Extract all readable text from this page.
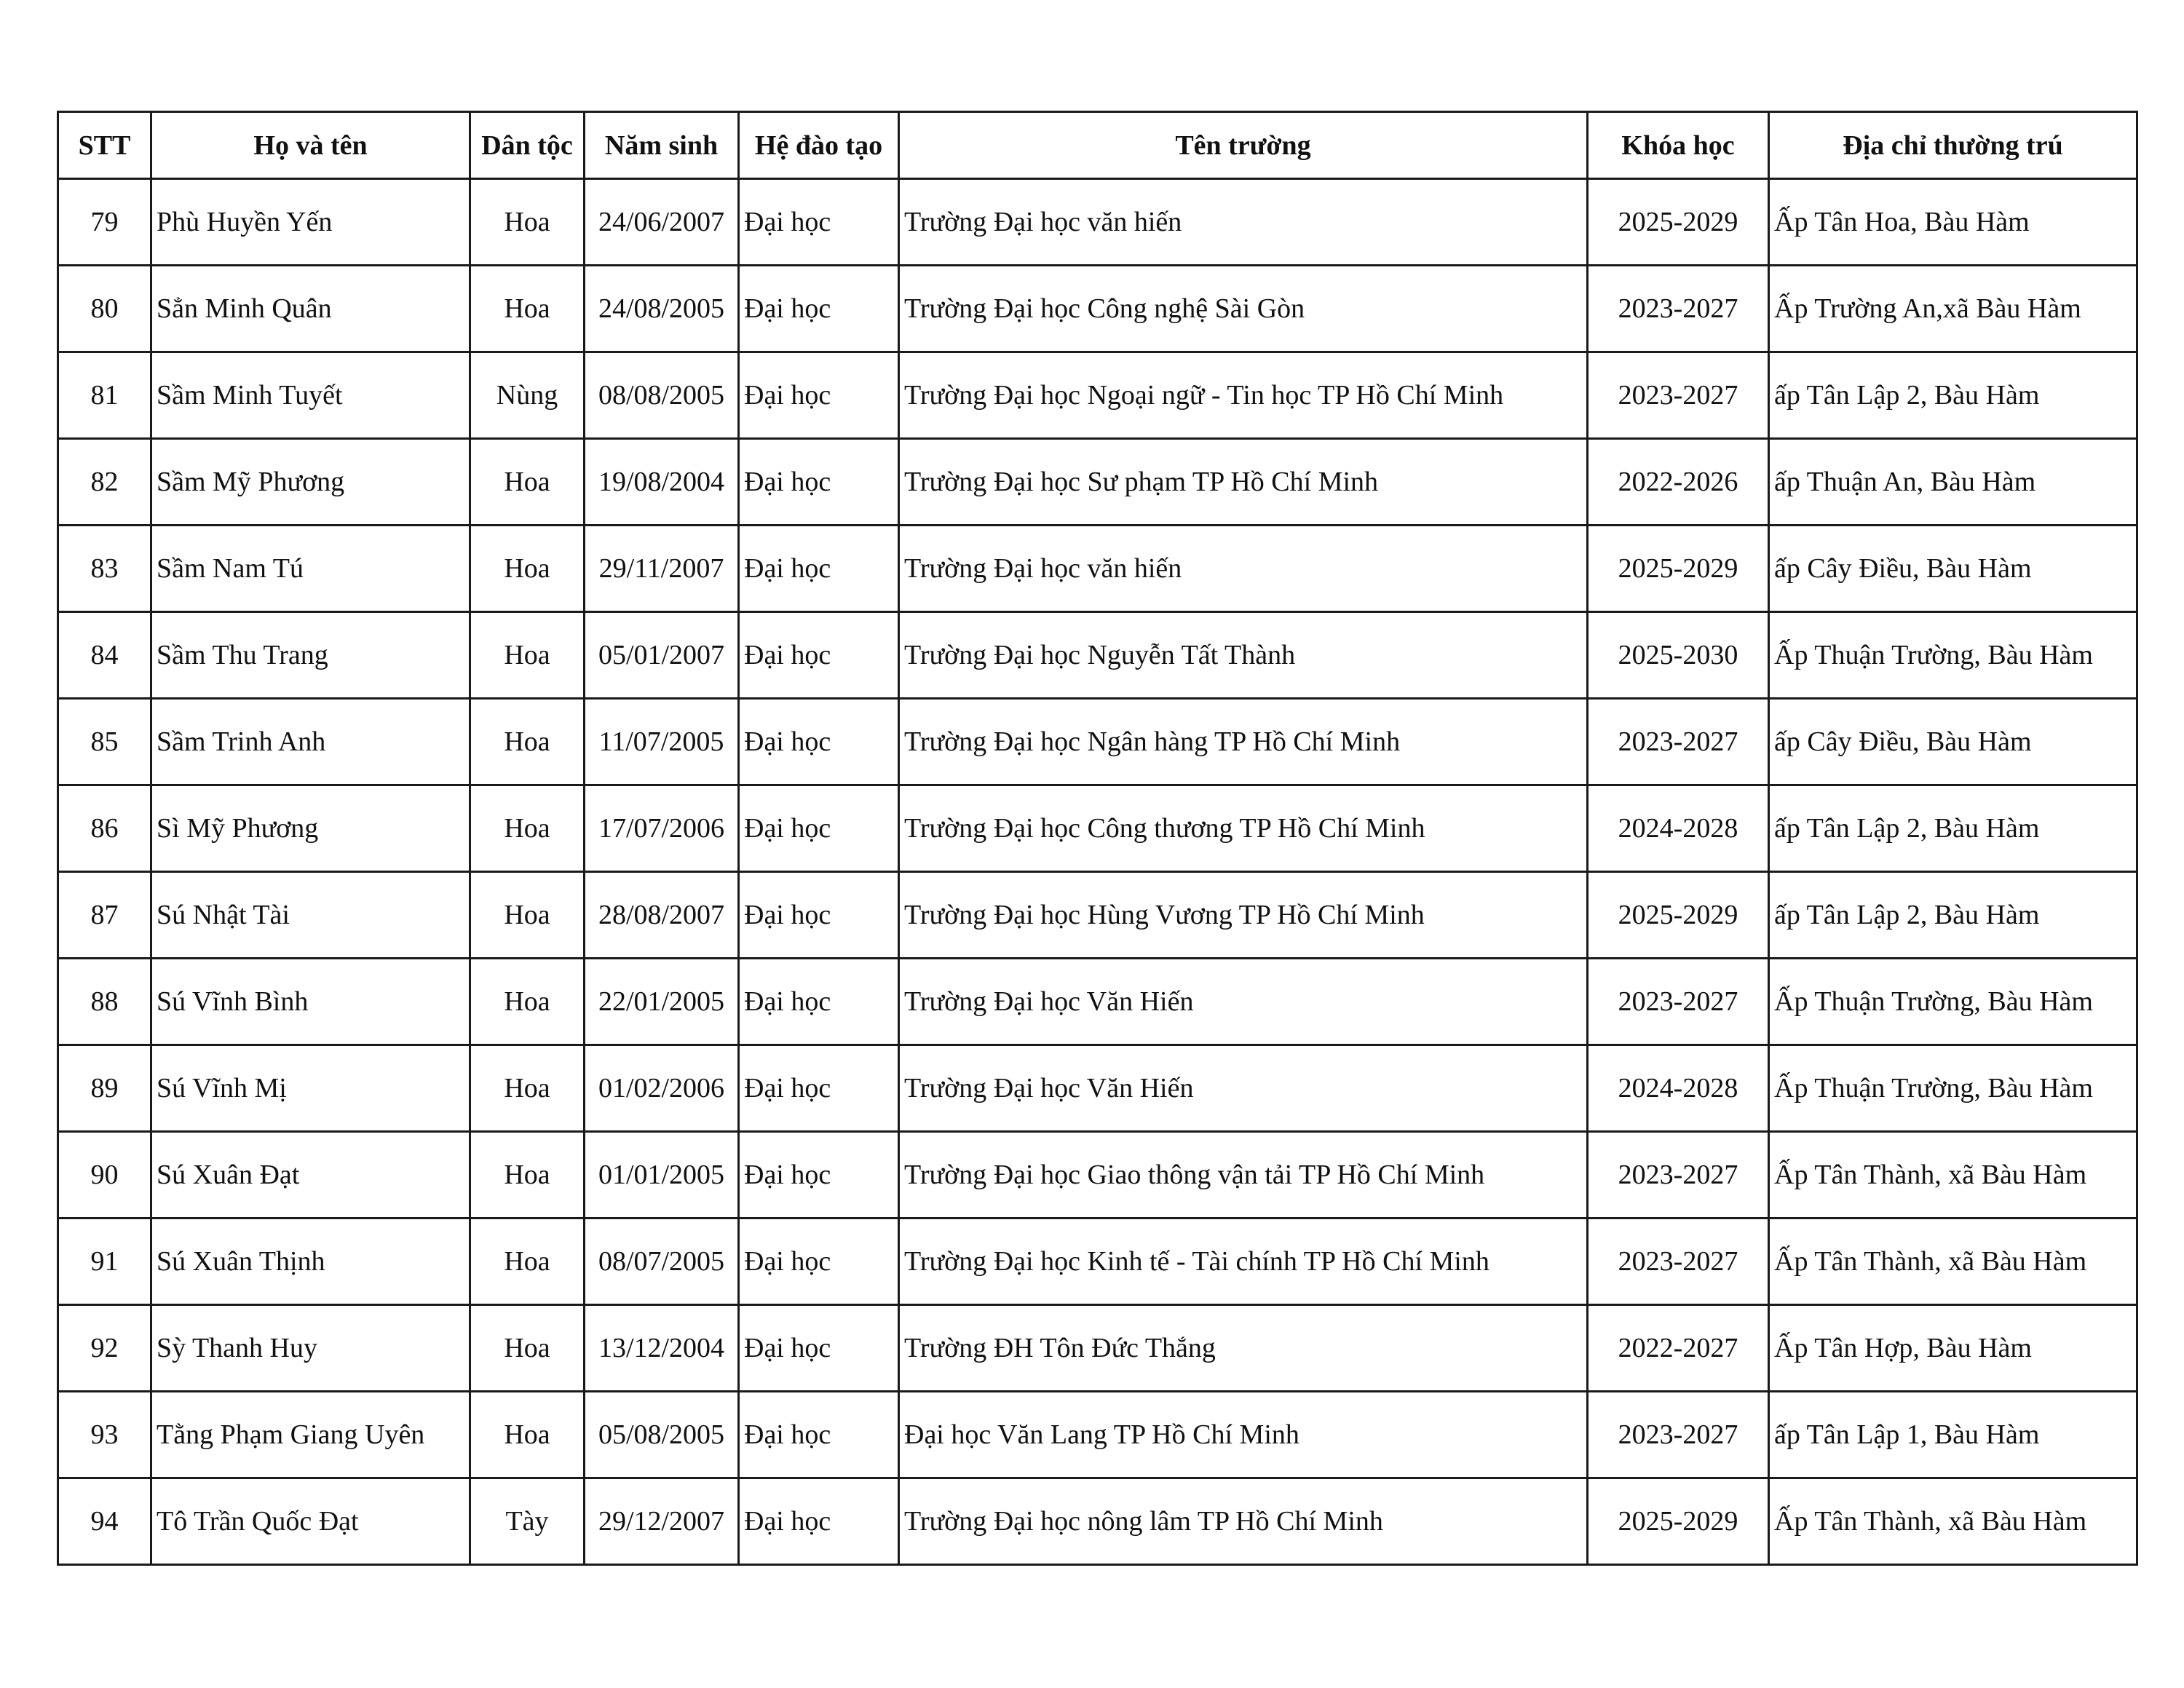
STT	Họ và tên	Dân tộc	Năm sinh	Hệ đào tạo	Tên trường	Khóa học	Địa chỉ thường trú
79	Phù Huyền Yến	Hoa	24/06/2007	Đại học	Trường Đại học văn hiến	2025-2029	Ấp Tân Hoa, Bàu Hàm
80	Sẳn Minh Quân	Hoa	24/08/2005	Đại học	Trường Đại học Công nghệ Sài Gòn	2023-2027	Ấp Trường An,xã Bàu Hàm
81	Sầm Minh Tuyết	Nùng	08/08/2005	Đại học	Trường Đại học Ngoại ngữ - Tin học TP Hồ Chí Minh	2023-2027	ấp Tân Lập 2, Bàu Hàm
82	Sầm Mỹ Phương	Hoa	19/08/2004	Đại học	Trường Đại học Sư phạm TP Hồ Chí Minh	2022-2026	ấp Thuận An, Bàu Hàm
83	Sầm Nam Tú	Hoa	29/11/2007	Đại học	Trường Đại học văn hiến	2025-2029	ấp Cây Điều, Bàu Hàm
84	Sầm Thu Trang	Hoa	05/01/2007	Đại học	Trường Đại học Nguyễn Tất Thành	2025-2030	Ấp Thuận Trường, Bàu Hàm
85	Sầm Trinh Anh	Hoa	11/07/2005	Đại học	Trường Đại học Ngân hàng TP Hồ Chí Minh	2023-2027	ấp Cây Điều, Bàu Hàm
86	Sì Mỹ Phương	Hoa	17/07/2006	Đại học	Trường Đại học Công thương TP Hồ Chí Minh	2024-2028	ấp Tân Lập 2, Bàu Hàm
87	Sú Nhật Tài	Hoa	28/08/2007	Đại học	Trường Đại học Hùng Vương TP Hồ Chí Minh	2025-2029	ấp Tân Lập 2, Bàu Hàm
88	Sú Vĩnh Bình	Hoa	22/01/2005	Đại học	Trường Đại học Văn Hiến	2023-2027	Ấp Thuận Trường, Bàu Hàm
89	Sú Vĩnh Mị	Hoa	01/02/2006	Đại học	Trường Đại học Văn Hiến	2024-2028	Ấp Thuận Trường, Bàu Hàm
90	Sú Xuân Đạt	Hoa	01/01/2005	Đại học	Trường Đại học Giao thông vận tải TP Hồ Chí Minh	2023-2027	Ấp Tân Thành, xã Bàu Hàm
91	Sú Xuân Thịnh	Hoa	08/07/2005	Đại học	Trường Đại học Kinh tế - Tài chính TP Hồ Chí Minh	2023-2027	Ấp Tân Thành, xã Bàu Hàm
92	Sỳ Thanh Huy	Hoa	13/12/2004	Đại học	Trường ĐH Tôn Đức Thắng	2022-2027	Ấp Tân Hợp, Bàu Hàm
93	Tằng Phạm Giang Uyên	Hoa	05/08/2005	Đại học	Đại học Văn Lang TP Hồ Chí Minh	2023-2027	ấp Tân Lập 1, Bàu Hàm
94	Tô Trần Quốc Đạt	Tày	29/12/2007	Đại học	Trường Đại học nông lâm TP Hồ Chí Minh	2025-2029	Ấp Tân Thành, xã Bàu Hàm
